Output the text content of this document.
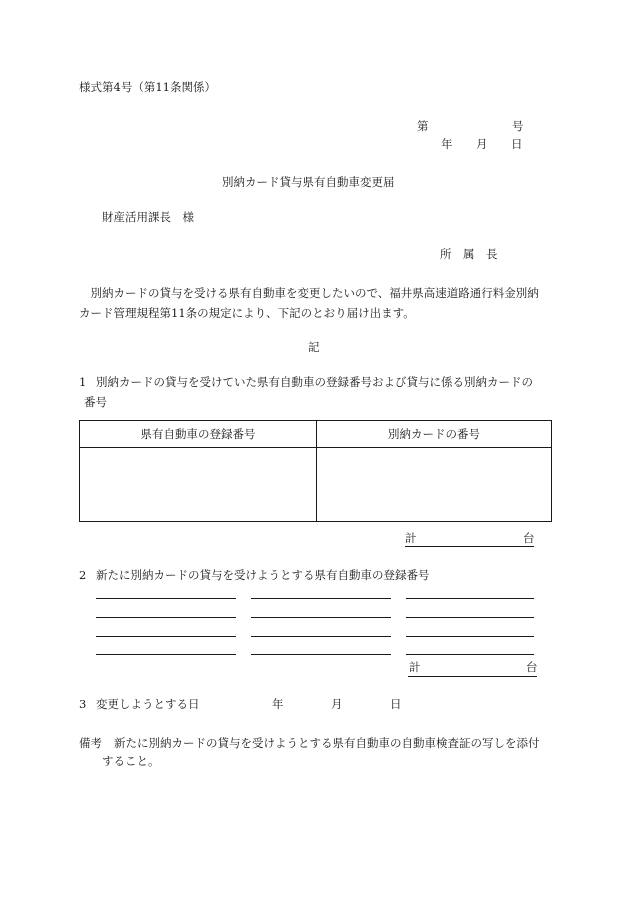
様式第4号（第11条関係）
第	号
年 月 日
別納カード貸与県有自動車変更届
財産活用課長　様
所　属　長
　別納カードの貸与を受ける県有自動車を変更したいので、福井県高速道路通行料金別納
カード管理規程第11条の規定により、下記のとおり届け出ます。
記
1 別納カードの貸与を受けていた県有自動車の登録番号および貸与に係る別納カードの
番号
県有自動車の登録番号	別納カードの番号

計	台
2 新たに別納カードの貸与を受けようとする県有自動車の登録番号
計	台
3 変更しようとする日	年	月	日
備考 新たに別納カードの貸与を受けようとする県有自動車の自動車検査証の写しを添付
すること。
